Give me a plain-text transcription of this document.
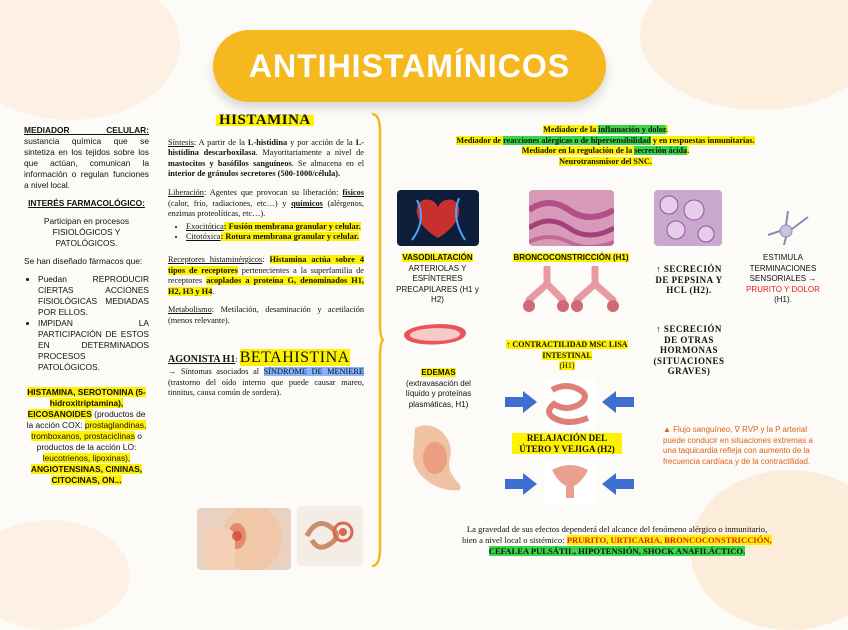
ANTIHISTAMÍNICOS

MEDIADOR CELULAR:
sustancia química que se sintetiza en los tejidos sobre los que actúan, comunican la información o regulan funciones a nivel local.

INTERÉS FARMACOLÓGICO:

Participan en procesos FISIOLÓGICOS Y PATOLÓGICOS.

Se han diseñado fármacos que:

• Puedan REPRODUCIR CIERTAS ACCIONES FISIOLÓGICAS MEDIADAS POR ELLOS.
• IMPIDAN LA PARTICIPACIÓN DE ESTOS EN DETERMINADOS PROCESOS PATOLÓGICOS.

HISTAMINA, SEROTONINA (5-hidroxitriptamina), EICOSANOIDES (productos de la acción COX: prostaglandinas, tromboxanos, prostaciclinas o productos de la acción LO: leucotrienos, lipoxinas), ANGIOTENSINAS, CININAS, CITOCINAS, ON...

HISTAMINA

Síntesis: A partir de la L-histidina y por acción de la L-histidina descarboxilasa. Mayoritariamente a nivel de mastocitos y basófilos sanguíneos. Se almacena en el interior de gránulos secretores (500-1000/célula).

Liberación: Agentes que provocan su liberación: físicos (calor, frío, radiaciones, etc…) y químicos (alérgenos, enzimas proteolíticas, etc…).

• Exocitótica: Fusión membrana granular y celular.
• Citotóxica: Rotura membrana granular y celular.

Receptores histaminérgicos: Histamina actúa sobre 4 tipos de receptores pertenecientes a la superfamilia de receptores acoplados a proteína G, denominados H1, H2, H3 y H4.

Metabolismo: Metilación, desaminación y acetilación (menos relevante).

AGONISTA H1: BETAHISTINA

→ Síntomas asociados al SÍNDROME DE MENIERE (trastorno del oído interno que puede causar mareo, tinnitus, causa común de sordera).

Mediador de la inflamación y dolor.
Mediador de reacciones alérgicas o de hipersensibilidad y en respuestas inmunitarias.
Mediador en la regulación de la secreción ácida.
Neurotransmisor del SNC.
VASODILATACIÓN
ARTERIOLAS Y ESFÍNTERES PRECAPILARES (H1 y H2)
BRONCOCONSTRICCIÓN (H1)
↑ SECRECIÓN DE PEPSINA Y HCL (H2).
ESTIMULA TERMINACIONES SENSORIALES → PRURITO Y DOLOR (H1).
EDEMAS
(extravasación del líquido y proteínas plasmáticas, H1)
↑ CONTRACTILIDAD MSC LISA INTESTINAL
(H1)
↑ SECRECIÓN DE OTRAS HORMONAS (SITUACIONES GRAVES)
RELAJACIÓN DEL ÚTERO Y VEJIGA (H2)
▲ Flujo sanguíneo, ∇ RVP y la P arterial puede conducir en situaciones extremas a una taquicardia refleja con aumento de la frecuencia cardíaca y de la contractilidad.
La gravedad de sus efectos dependerá del alcance del fenómeno alérgico o inmunitario,
bien a nivel local o sistémico: PRURITO, URTICARIA, BRONCOCONSTRICCIÓN,
CEFALEA PULSÁTIL, HIPOTENSIÓN, SHOCK ANAFILÁCTICO.
